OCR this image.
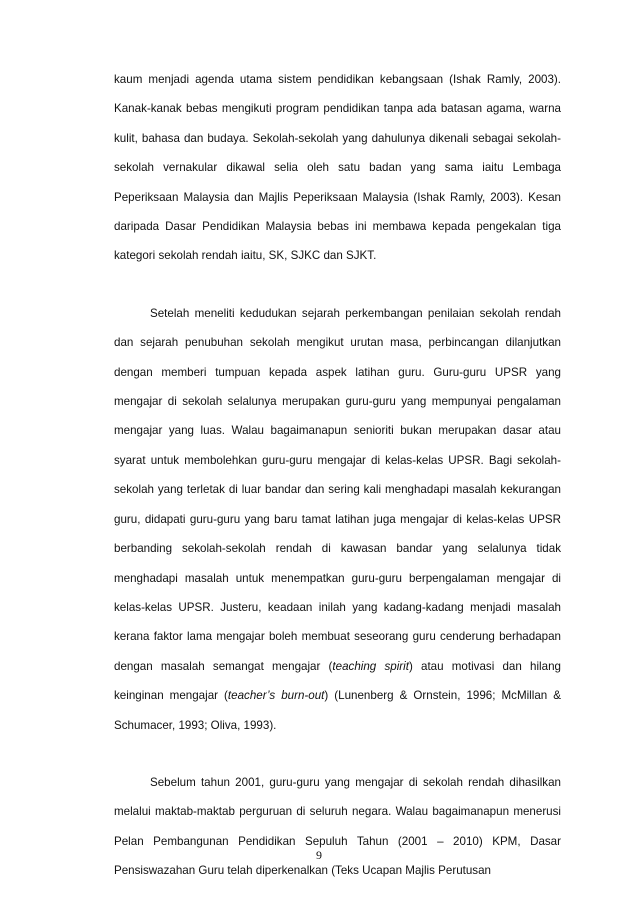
kaum menjadi agenda utama sistem pendidikan kebangsaan (Ishak Ramly, 2003). Kanak-kanak bebas mengikuti program pendidikan tanpa ada batasan agama, warna kulit, bahasa dan budaya. Sekolah-sekolah yang dahulunya dikenali sebagai sekolah-sekolah vernakular dikawal selia oleh satu badan yang sama iaitu Lembaga Peperiksaan Malaysia dan Majlis Peperiksaan Malaysia (Ishak Ramly, 2003). Kesan daripada Dasar Pendidikan Malaysia bebas ini membawa kepada pengekalan tiga kategori sekolah rendah iaitu, SK, SJKC dan SJKT.

Setelah meneliti kedudukan sejarah perkembangan penilaian sekolah rendah dan sejarah penubuhan sekolah mengikut urutan masa, perbincangan dilanjutkan dengan memberi tumpuan kepada aspek latihan guru. Guru-guru UPSR yang mengajar di sekolah selalunya merupakan guru-guru yang mempunyai pengalaman mengajar yang luas. Walau bagaimanapun senioriti bukan merupakan dasar atau syarat untuk membolehkan guru-guru mengajar di kelas-kelas UPSR. Bagi sekolah-sekolah yang terletak di luar bandar dan sering kali menghadapi masalah kekurangan guru, didapati guru-guru yang baru tamat latihan juga mengajar di kelas-kelas UPSR berbanding sekolah-sekolah rendah di kawasan bandar yang selalunya tidak menghadapi masalah untuk menempatkan guru-guru berpengalaman mengajar di kelas-kelas UPSR. Justeru, keadaan inilah yang kadang-kadang menjadi masalah kerana faktor lama mengajar boleh membuat seseorang guru cenderung berhadapan dengan masalah semangat mengajar (teaching spirit) atau motivasi dan hilang keinginan mengajar (teacher’s burn-out) (Lunenberg & Ornstein, 1996; McMillan & Schumacer, 1993; Oliva, 1993).

Sebelum tahun 2001, guru-guru yang mengajar di sekolah rendah dihasilkan melalui maktab-maktab perguruan di seluruh negara. Walau bagaimanapun menerusi Pelan Pembangunan Pendidikan Sepuluh Tahun (2001 – 2010) KPM, Dasar Pensiswazahan Guru telah diperkenalkan (Teks Ucapan Majlis Perutusan

9
